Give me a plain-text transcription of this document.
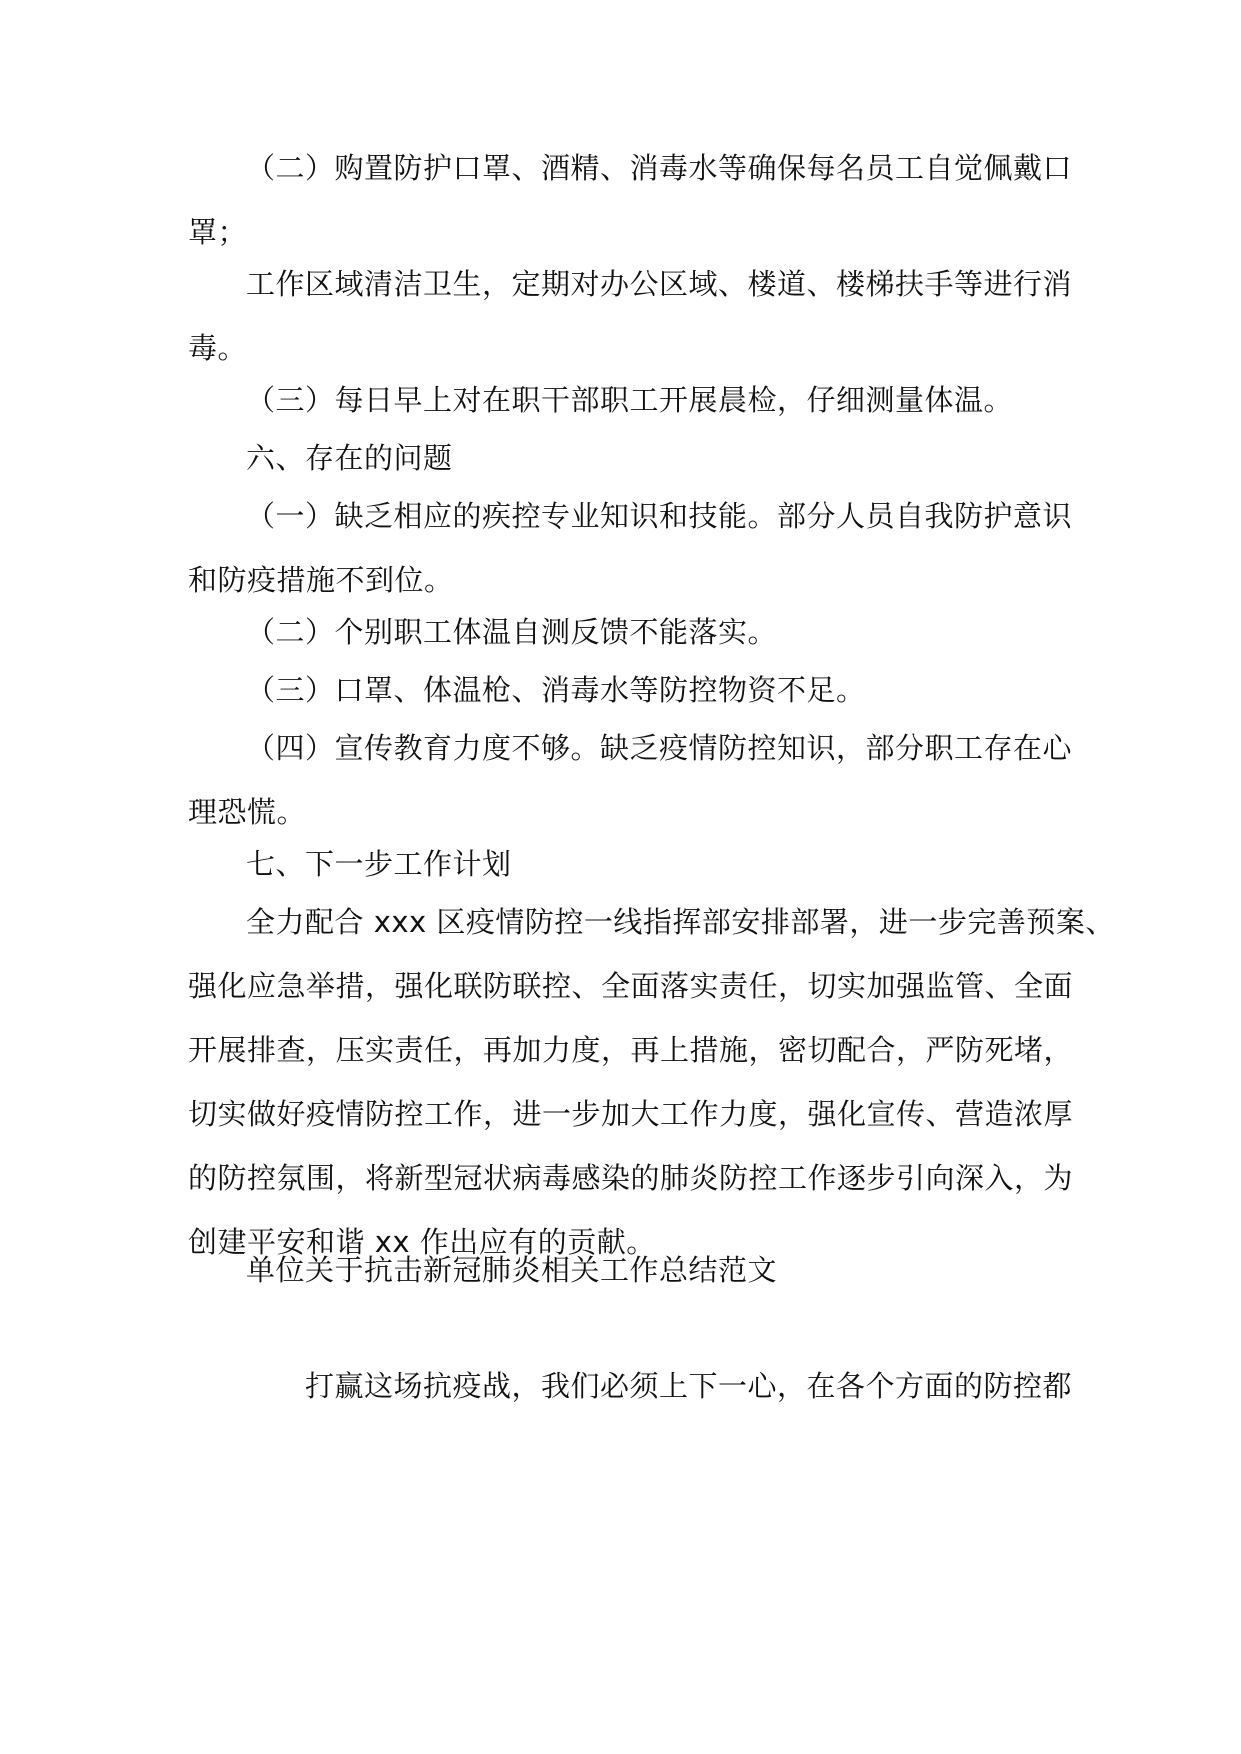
（二）购置防护口罩、酒精、消毒水等确保每名员工自觉佩戴口
罩；
工作区域清洁卫生，定期对办公区域、楼道、楼梯扶手等进行消
毒。
（三）每日早上对在职干部职工开展晨检，仔细测量体温。
六、存在的问题
（一）缺乏相应的疾控专业知识和技能。部分人员自我防护意识
和防疫措施不到位。
（二）个别职工体温自测反馈不能落实。
（三）口罩、体温枪、消毒水等防控物资不足。
（四）宣传教育力度不够。缺乏疫情防控知识，部分职工存在心
理恐慌。
七、下一步工作计划
全力配合 xxx 区疫情防控一线指挥部安排部署，进一步完善预案、
强化应急举措，强化联防联控、全面落实责任，切实加强监管、全面
开展排查，压实责任，再加力度，再上措施，密切配合，严防死堵，
切实做好疫情防控工作，进一步加大工作力度，强化宣传、营造浓厚
的防控氛围，将新型冠状病毒感染的肺炎防控工作逐步引向深入，为
创建平安和谐 xx 作出应有的贡献。
单位关于抗击新冠肺炎相关工作总结范文
打赢这场抗疫战，我们必须上下一心，在各个方面的防控都
